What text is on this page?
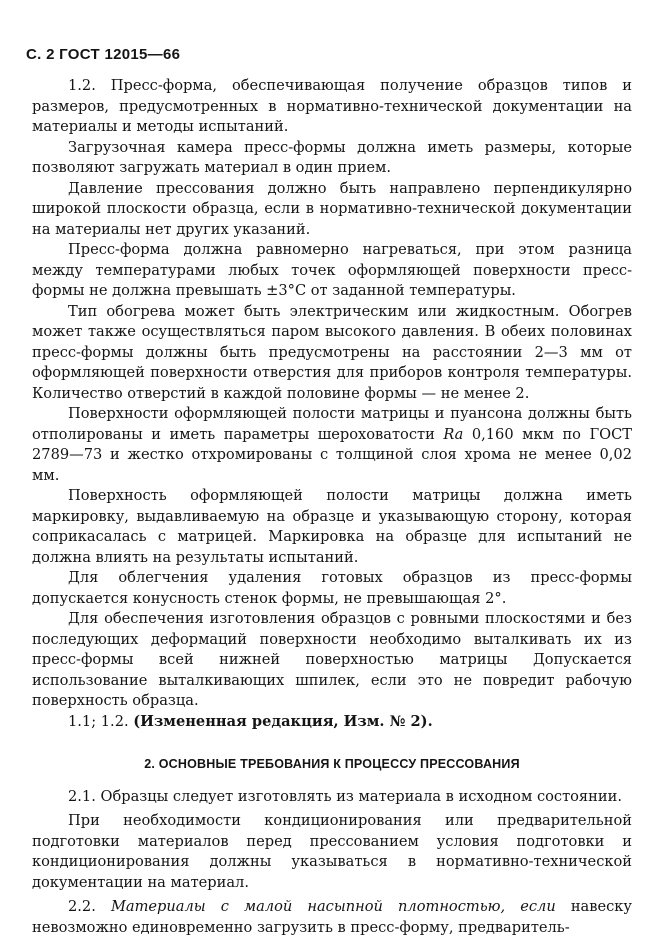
С. 2 ГОСТ 12015—66

1.2. Пресс-форма, обеспечивающая получение образцов типов и размеров, предусмотренных в нормативно-технической документации на материалы и методы испытаний.

Загрузочная камера пресс-формы должна иметь размеры, которые позволяют загружать материал в один прием.

Давление прессования должно быть направлено перпендикулярно широкой плоскости образца, если в нормативно-технической документации на материалы нет других указаний.

Пресс-форма должна равномерно нагреваться, при этом разница между температурами любых точек оформляющей поверхности пресс-формы не должна превышать ±3°С от заданной температуры.

Тип обогрева может быть электрическим или жидкостным. Обогрев может также осуществляться паром высокого давления. В обеих половинах пресс-формы должны быть предусмотрены на расстоянии 2—3 мм от оформляющей поверхности отверстия для приборов контроля температуры. Количество отверстий в каждой половине формы — не менее 2.

Поверхности оформляющей полости матрицы и пуансона должны быть отполированы и иметь параметры шероховатости Ra 0,160 мкм по ГОСТ 2789—73 и жестко отхромированы с толщиной слоя хрома не менее 0,02 мм.

Поверхность оформляющей полости матрицы должна иметь маркировку, выдавливаемую на образце и указывающую сторону, которая соприкасалась с матрицей. Маркировка на образце для испытаний не должна влиять на результаты испытаний.

Для облегчения удаления готовых образцов из пресс-формы допускается конусность стенок формы, не превышающая 2°.

Для обеспечения изготовления образцов с ровными плоскостями и без последующих деформаций поверхности необходимо выталкивать их из пресс-формы всей нижней поверхностью матрицы Допускается использование выталкивающих шпилек, если это не повредит рабочую поверхность образца.

1.1; 1.2. (Измененная редакция, Изм. № 2).

2. ОСНОВНЫЕ ТРЕБОВАНИЯ К ПРОЦЕССУ ПРЕССОВАНИЯ

2.1. Образцы следует изготовлять из материала в исходном состоянии.

При необходимости кондиционирования или предварительной подготовки материалов перед прессованием условия подготовки и кондиционирования должны указываться в нормативно-технической документации на материал.

2.2. Материалы с малой насыпной плотностью, если навеску невозможно единовременно загрузить в пресс-форму, предваритель-
